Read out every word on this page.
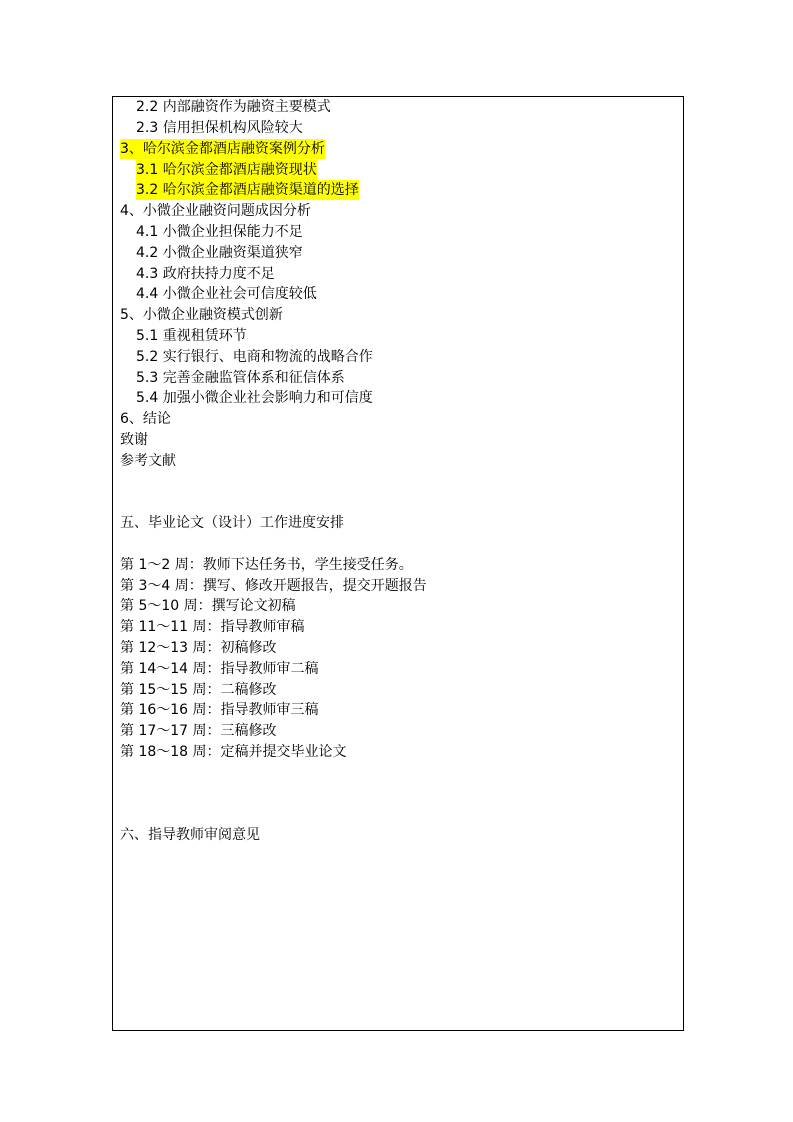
2.2 内部融资作为融资主要模式
2.3 信用担保机构风险较大
3、哈尔滨金都酒店融资案例分析
3.1 哈尔滨金都酒店融资现状
3.2 哈尔滨金都酒店融资渠道的选择
4、小微企业融资问题成因分析
4.1 小微企业担保能力不足
4.2 小微企业融资渠道狭窄
4.3 政府扶持力度不足
4.4 小微企业社会可信度较低
5、小微企业融资模式创新
5.1 重视租赁环节
5.2 实行银行、电商和物流的战略合作
5.3 完善金融监管体系和征信体系
5.4 加强小微企业社会影响力和可信度
6、结论
致谢
参考文献
五、毕业论文（设计）工作进度安排
第 1～2 周：教师下达任务书，学生接受任务。
第 3～4 周：撰写、修改开题报告，提交开题报告
第 5～10 周：撰写论文初稿
第 11～11 周：指导教师审稿
第 12～13 周：初稿修改
第 14～14 周：指导教师审二稿
第 15～15 周：二稿修改
第 16～16 周：指导教师审三稿
第 17～17 周：三稿修改
第 18～18 周：定稿并提交毕业论文
六、指导教师审阅意见
